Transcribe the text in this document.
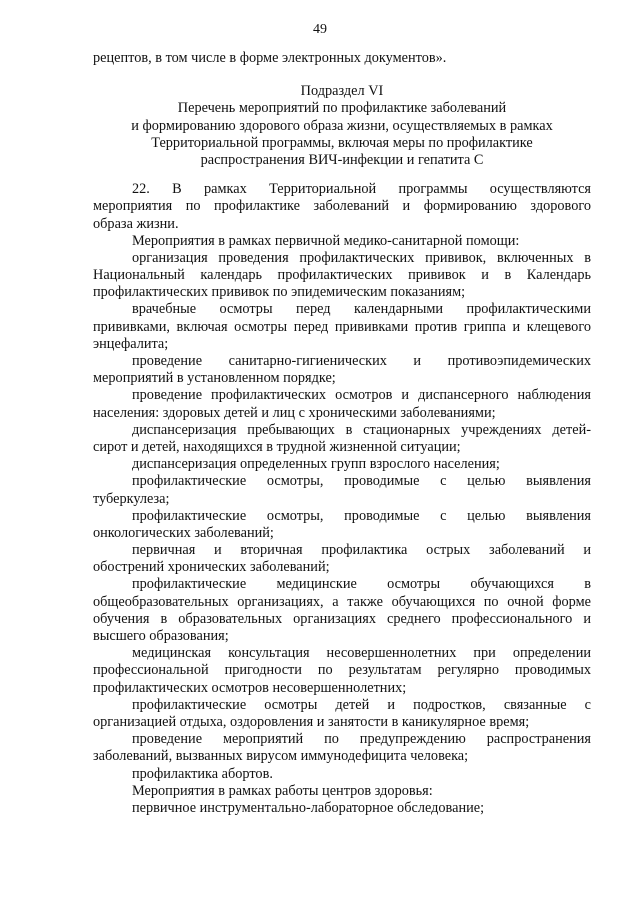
49
рецептов, в том числе в форме электронных документов».
Подраздел VI
Перечень мероприятий по профилактике заболеваний
и формированию здорового образа жизни, осуществляемых в рамках
Территориальной программы, включая меры по профилактике
распространения ВИЧ-инфекции и гепатита С
22. В рамках Территориальной программы осуществляются
мероприятия по профилактике заболеваний и формированию здорового
образа жизни.
Мероприятия в рамках первичной медико-санитарной помощи:
организация проведения профилактических прививок, включенных в
Национальный календарь профилактических прививок и в Календарь
профилактических прививок по эпидемическим показаниям;
врачебные осмотры перед календарными профилактическими
прививками, включая осмотры перед прививками против гриппа и клещевого
энцефалита;
проведение санитарно-гигиенических и противоэпидемических
мероприятий в установленном порядке;
проведение профилактических осмотров и диспансерного наблюдения
населения: здоровых детей и лиц с хроническими заболеваниями;
диспансеризация пребывающих в стационарных учреждениях детей-
сирот и детей, находящихся в трудной жизненной ситуации;
диспансеризация определенных групп взрослого населения;
профилактические осмотры, проводимые с целью выявления
туберкулеза;
профилактические осмотры, проводимые с целью выявления
онкологических заболеваний;
первичная и вторичная профилактика острых заболеваний и
обострений хронических заболеваний;
профилактические медицинские осмотры обучающихся в
общеобразовательных организациях, а также обучающихся по очной форме
обучения в образовательных организациях среднего профессионального и
высшего образования;
медицинская консультация несовершеннолетних при определении
профессиональной пригодности по результатам регулярно проводимых
профилактических осмотров несовершеннолетних;
профилактические осмотры детей и подростков, связанные с
организацией отдыха, оздоровления и занятости в каникулярное время;
проведение мероприятий по предупреждению распространения
заболеваний, вызванных вирусом иммунодефицита человека;
профилактика абортов.
Мероприятия в рамках работы центров здоровья:
первичное инструментально-лабораторное обследование;
